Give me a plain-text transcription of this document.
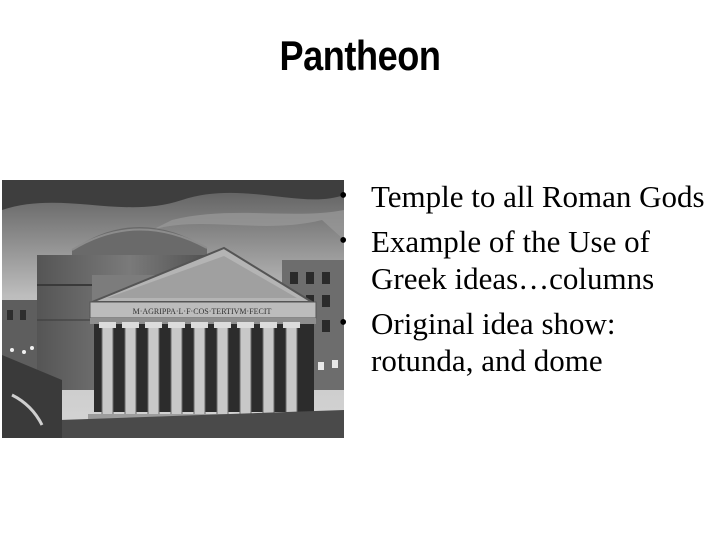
Pantheon
M·AGRIPPA·L·F·COS·TERTIVM·FECIT
• Temple to all Roman Gods
• Example of the Use of Greek ideas…columns
• Original idea show: rotunda, and dome
